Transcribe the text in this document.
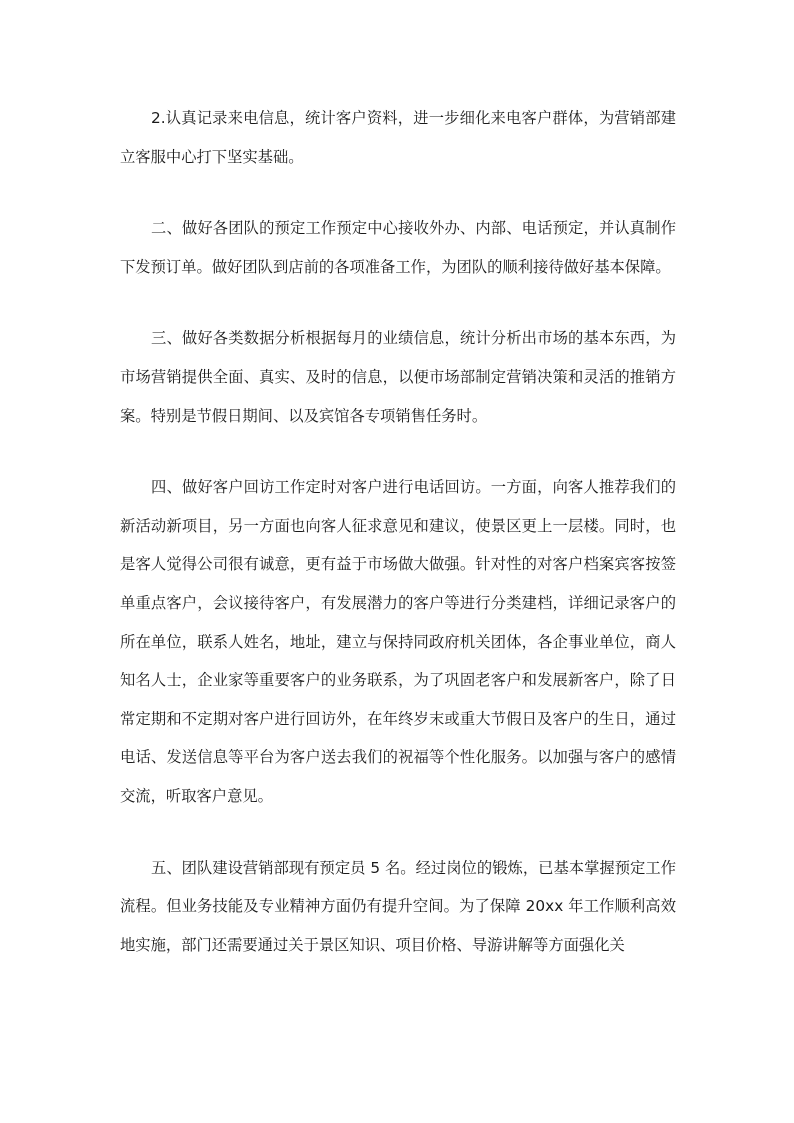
2.认真记录来电信息，统计客户资料，进一步细化来电客户群体，为营销部建立客服中心打下坚实基础。

二、做好各团队的预定工作预定中心接收外办、内部、电话预定，并认真制作下发预订单。做好团队到店前的各项准备工作，为团队的顺利接待做好基本保障。

三、做好各类数据分析根据每月的业绩信息，统计分析出市场的基本东西，为市场营销提供全面、真实、及时的信息，以便市场部制定营销决策和灵活的推销方案。特别是节假日期间、以及宾馆各专项销售任务时。

四、做好客户回访工作定时对客户进行电话回访。一方面，向客人推荐我们的新活动新项目，另一方面也向客人征求意见和建议，使景区更上一层楼。同时，也是客人觉得公司很有诚意，更有益于市场做大做强。针对性的对客户档案宾客按签单重点客户，会议接待客户，有发展潜力的客户等进行分类建档，详细记录客户的所在单位，联系人姓名，地址，建立与保持同政府机关团体，各企事业单位，商人知名人士，企业家等重要客户的业务联系，为了巩固老客户和发展新客户，除了日常定期和不定期对客户进行回访外，在年终岁末或重大节假日及客户的生日，通过电话、发送信息等平台为客户送去我们的祝福等个性化服务。以加强与客户的感情交流，听取客户意见。

五、团队建设营销部现有预定员 5 名。经过岗位的锻炼，已基本掌握预定工作流程。但业务技能及专业精神方面仍有提升空间。为了保障 20xx 年工作顺利高效地实施，部门还需要通过关于景区知识、项目价格、导游讲解等方面强化关
